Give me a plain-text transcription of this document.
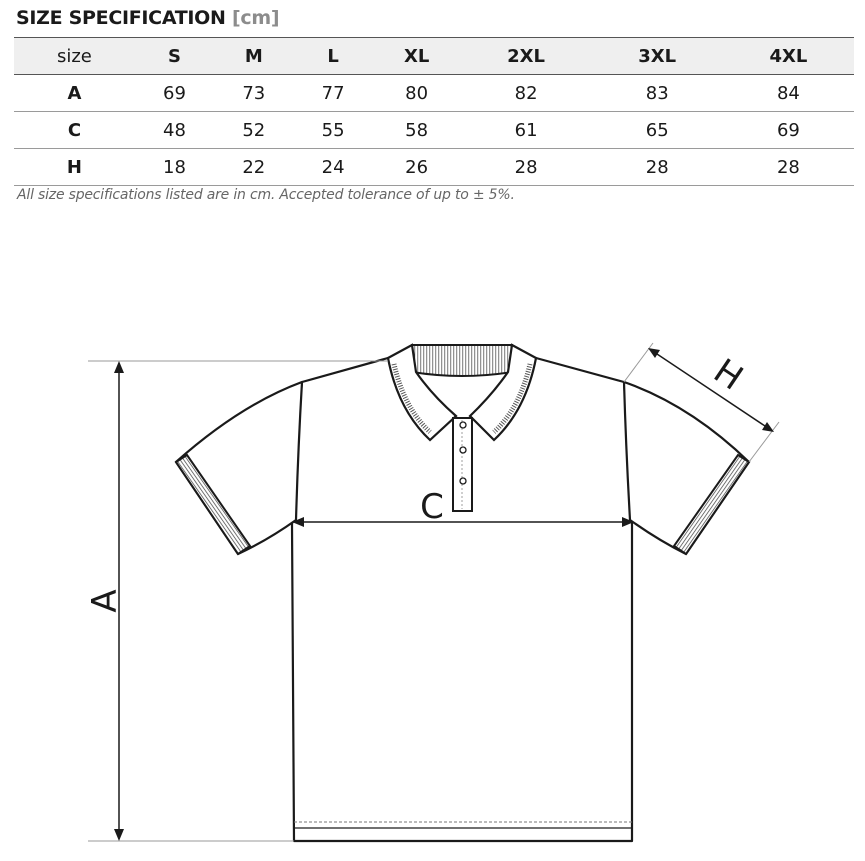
SIZE SPECIFICATION [cm]
size	S	M	L	XL	2XL	3XL	4XL
A	69	73	77	80	82	83	84
C	48	52	55	58	61	65	69
H	18	22	24	26	28	28	28
All size specifications listed are in cm. Accepted tolerance of up to ± 5%.
A
C
H
